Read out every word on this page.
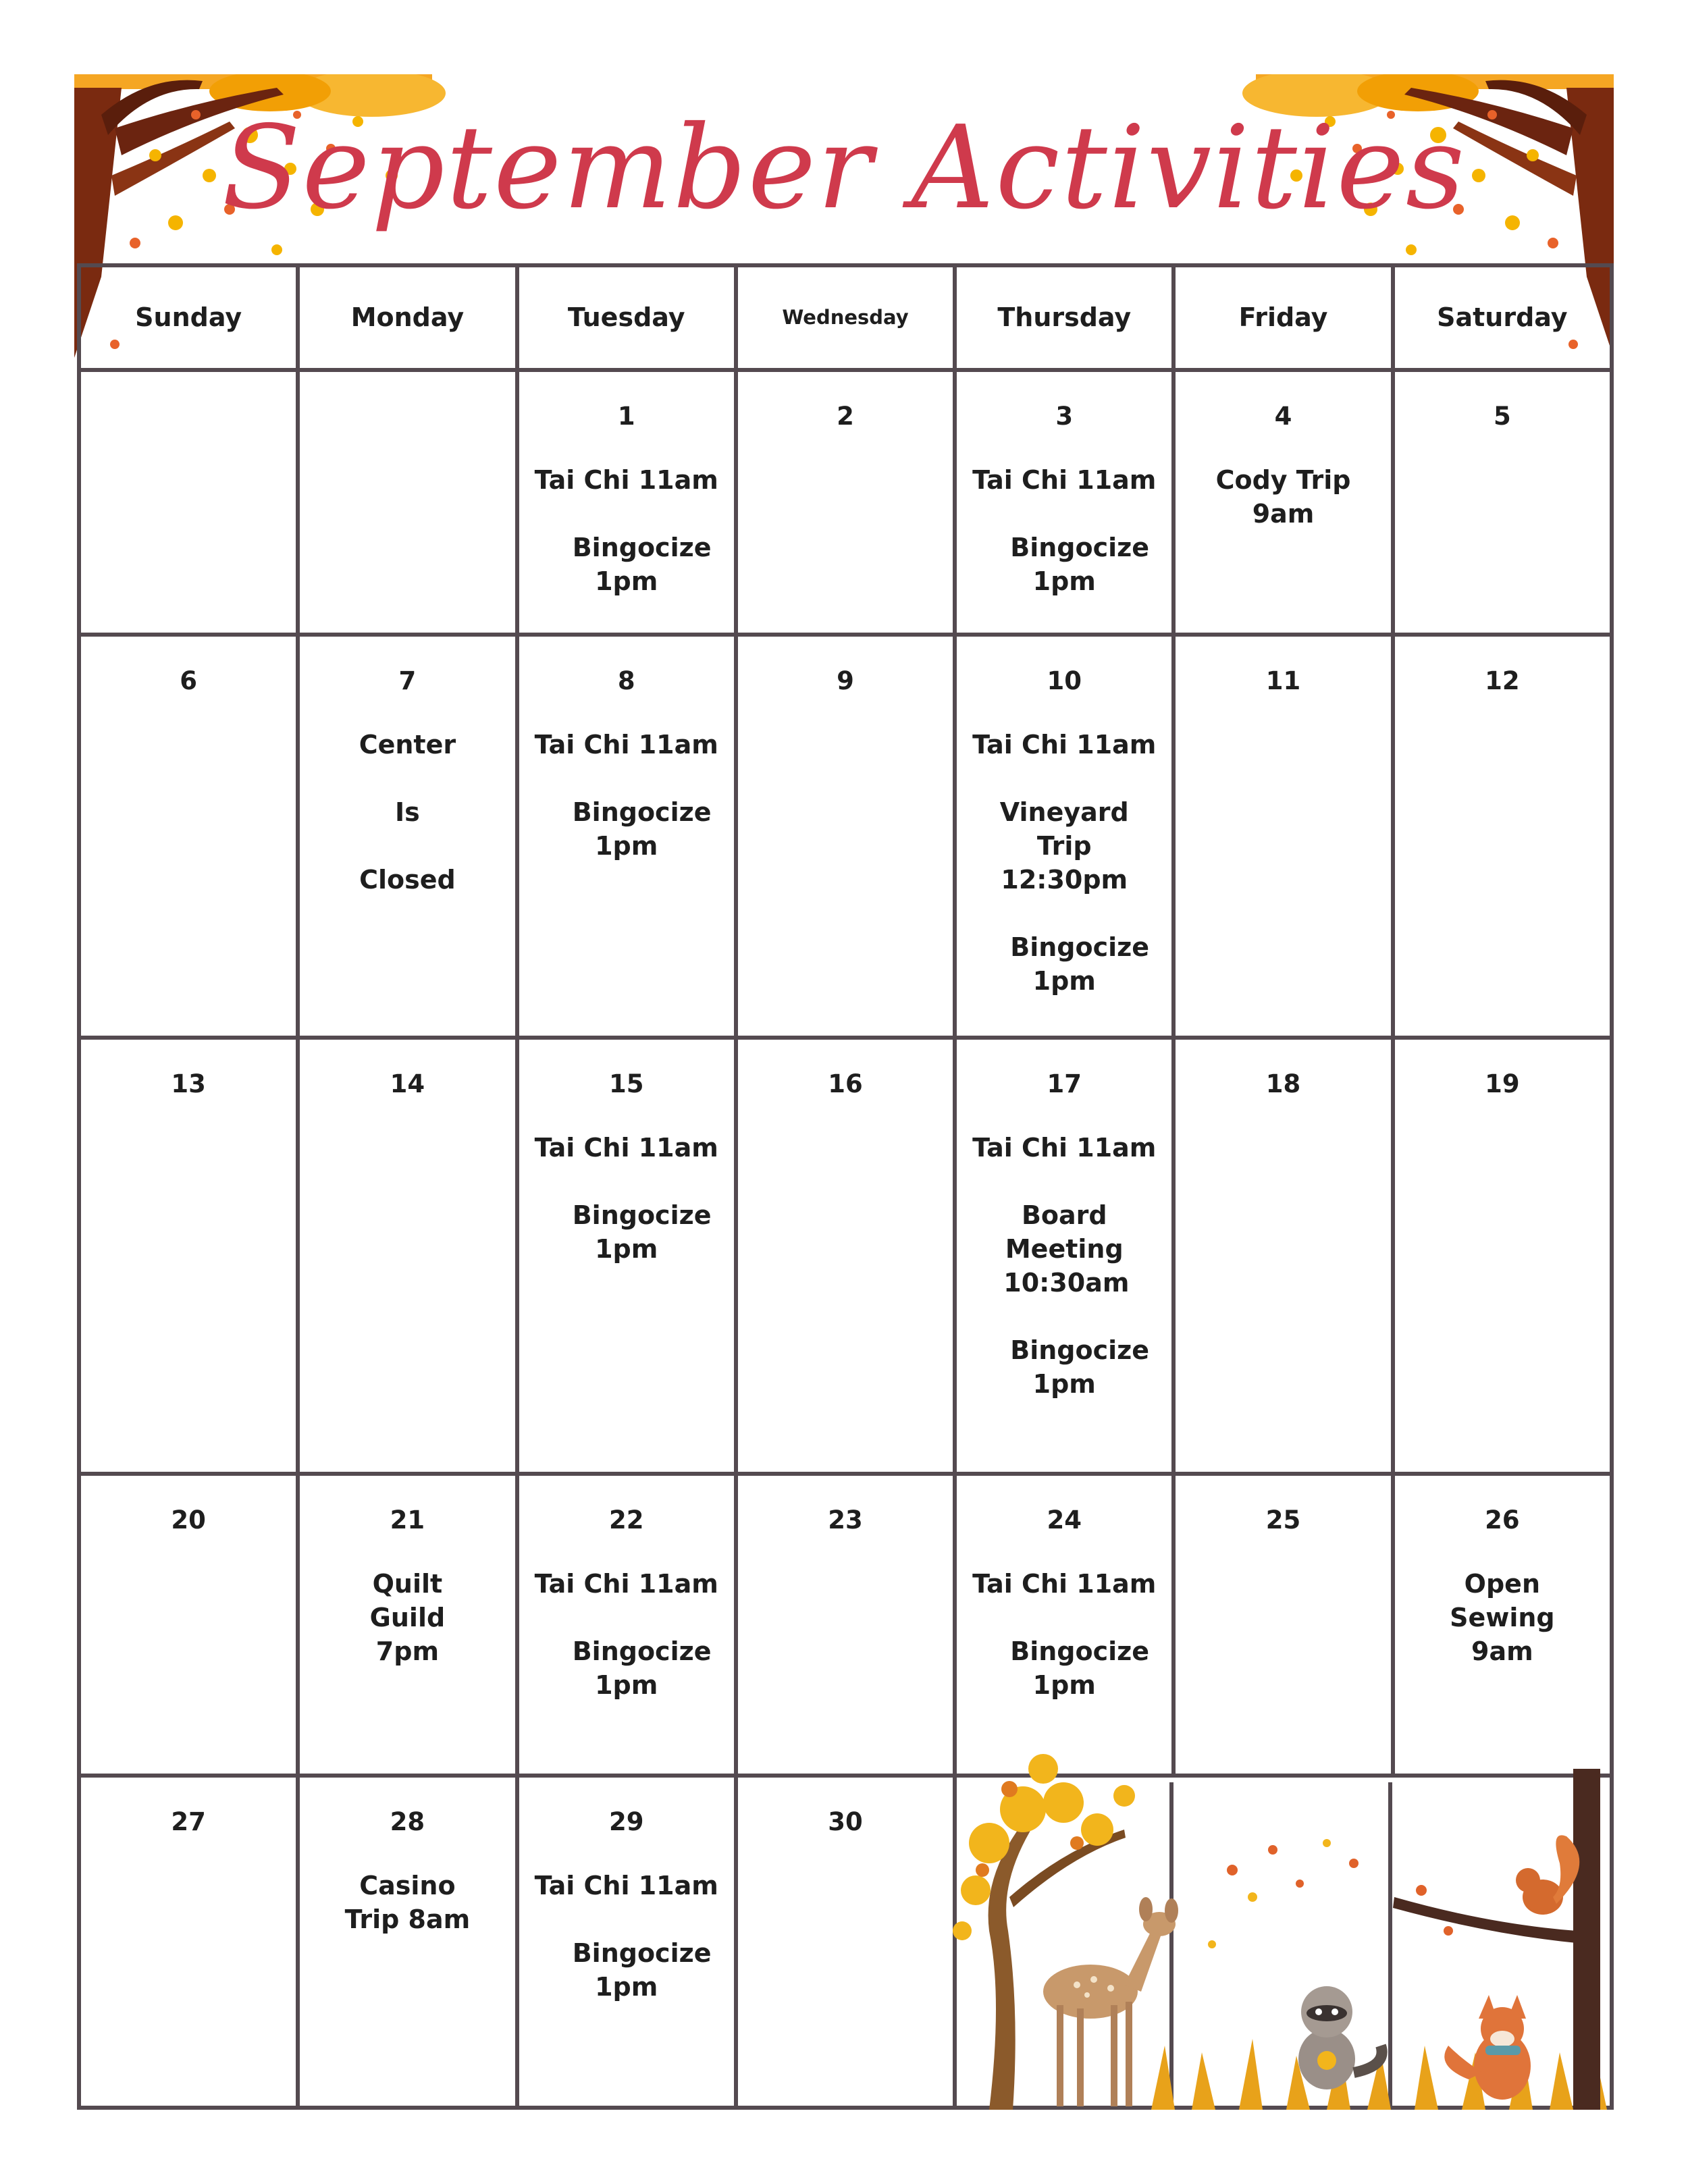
September Activities
Sunday	Monday	Tuesday	Wednesday	Thursday	Friday	Saturday

		1
Tai Chi 11am
Bingocize 1pm	2	3
Tai Chi 11am
Bingocize 1pm	4
Cody Trip 9am	5

6	7
Center
Is
Closed	8
Tai Chi 11am
Bingocize 1pm	9	10
Tai Chi 11am
Vineyard Trip 12:30pm
Bingocize 1pm	11	12

13	14	15
Tai Chi 11am
Bingocize 1pm	16	17
Tai Chi 11am
Board Meeting 10:30am
Bingocize 1pm	18	19

20	21
Quilt Guild 7pm	22
Tai Chi 11am
Bingocize 1pm	23	24
Tai Chi 11am
Bingocize 1pm	25	26
Open Sewing 9am

27	28
Casino Trip 8am	29
Tai Chi 11am
Bingocize 1pm	30			
